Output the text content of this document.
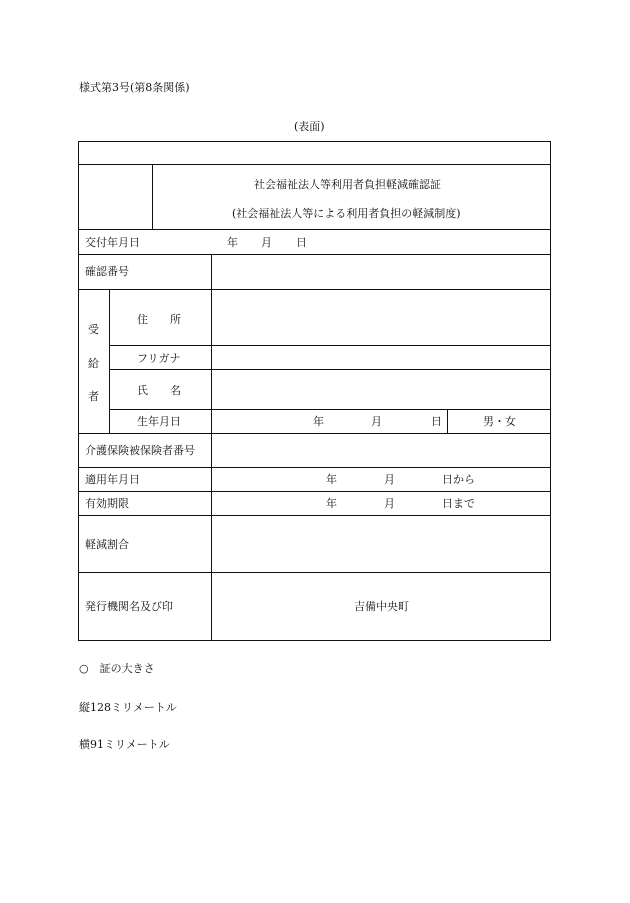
様式第3号(第8条関係)
(表面)
社会福祉法人等利用者負担軽減確認証
(社会福祉法人等による利用者負担の軽減制度)
交付年月日	年 月 日
確認番号
受
給
者
住　　所
フリガナ
氏　　名
生年月日	年	月	日	男・女
介護保険被保険者番号
適用年月日	年	月	日から
有効期限	年	月	日まで
軽減割合
発行機関名及び印	吉備中央町
○　証の大きさ
縦128ミリメートル
横91ミリメートル
